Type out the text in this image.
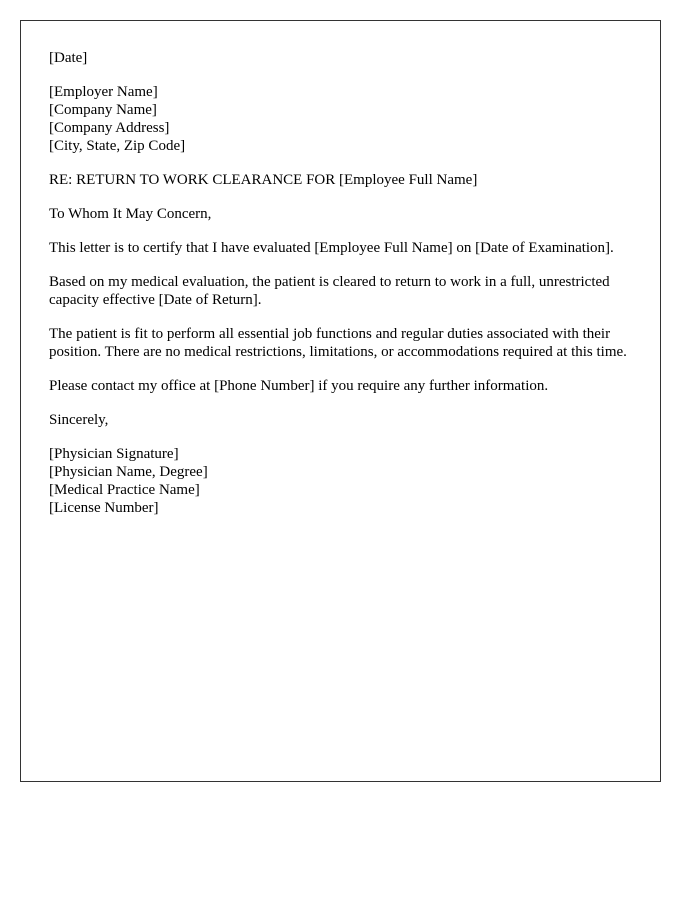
[Date]

[Employer Name]
[Company Name]
[Company Address]
[City, State, Zip Code]

RE: RETURN TO WORK CLEARANCE FOR [Employee Full Name]

To Whom It May Concern,

This letter is to certify that I have evaluated [Employee Full Name] on [Date of Examination].

Based on my medical evaluation, the patient is cleared to return to work in a full, unrestricted capacity effective [Date of Return].

The patient is fit to perform all essential job functions and regular duties associated with their position. There are no medical restrictions, limitations, or accommodations required at this time.

Please contact my office at [Phone Number] if you require any further information.

Sincerely,

[Physician Signature]
[Physician Name, Degree]
[Medical Practice Name]
[License Number]
